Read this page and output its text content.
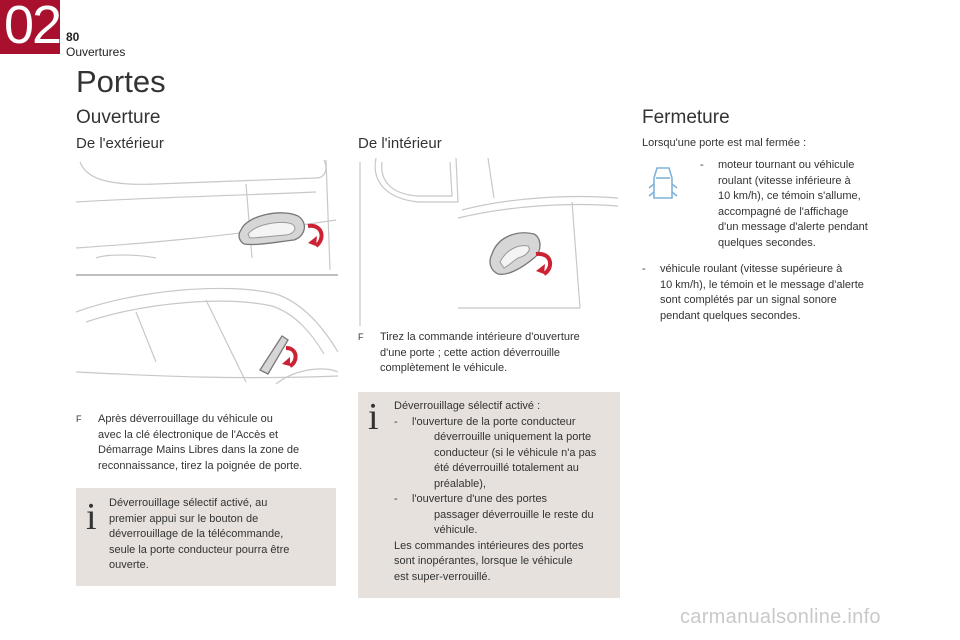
02 80
Ouvertures
Portes
Ouverture
De l'extérieur
F	Après déverrouillage du véhicule ou
avec la clé électronique de l'Accès et
Démarrage Mains Libres dans la zone de
reconnaissance, tirez la poignée de porte.
i Déverrouillage sélectif activé, au
premier appui sur le bouton de
déverrouillage de la télécommande,
seule la porte conducteur pourra être
ouverte.
De l'intérieur
F	Tirez la commande intérieure d'ouverture
d'une porte ; cette action déverrouille
complètement le véhicule.
i Déverrouillage sélectif activé :
-	l'ouverture de la porte conducteur
déverrouille uniquement la porte
conducteur (si le véhicule n'a pas
été déverrouillé totalement au
préalable),
-	l'ouverture d'une des portes
passager déverrouille le reste du
véhicule.
Les commandes intérieures des portes
sont inopérantes, lorsque le véhicule
est super-verrouillé.
Fermeture
Lorsqu'une porte est mal fermée :
-	moteur tournant ou véhicule
roulant (vitesse inférieure à
10 km/h), ce témoin s'allume,
accompagné de l'affichage
d'un message d'alerte pendant
quelques secondes.
-	véhicule roulant (vitesse supérieure à
10 km/h), le témoin et le message d'alerte
sont complétés par un signal sonore
pendant quelques secondes.
carmanualsonline.info
